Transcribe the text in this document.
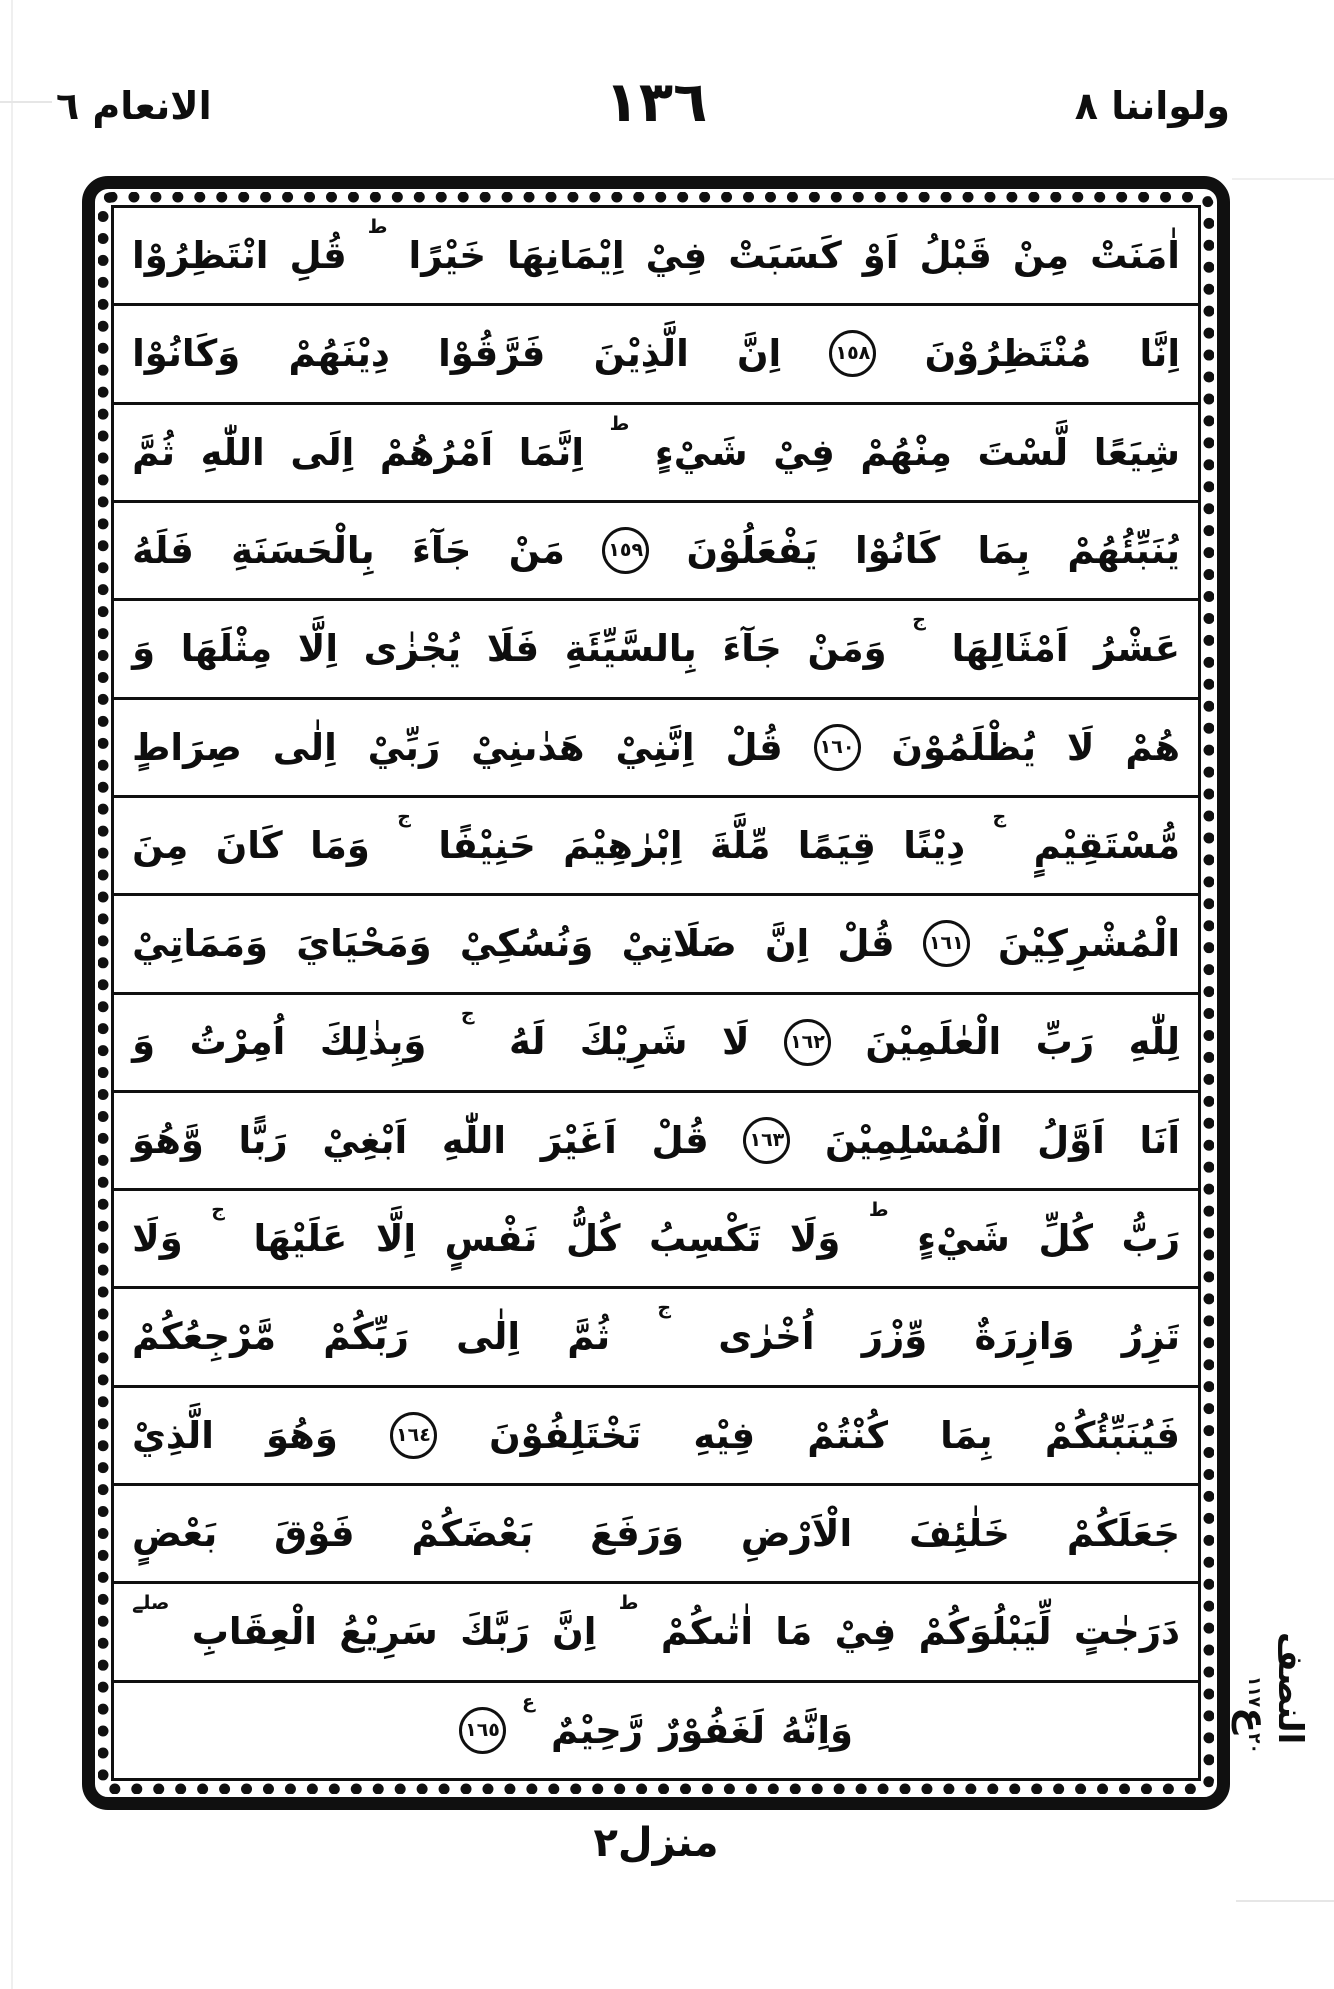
الانعام ٦	١٣٦	ولواننا ٨
اٰمَنَتْ
مِنْ
قَبْلُ
اَوْ
كَسَبَتْ
فِيْ
اِيْمَانِهَا
خَيْرًا
ط
قُلِ
انْتَظِرُوْا
اِنَّا
مُنْتَظِرُوْنَ
١٥٨
اِنَّ
الَّذِيْنَ
فَرَّقُوْا
دِيْنَهُمْ
وَكَانُوْا
شِيَعًا
لَّسْتَ
مِنْهُمْ
فِيْ
شَيْءٍ
ط
اِنَّمَا
اَمْرُهُمْ
اِلَى
اللّٰهِ
ثُمَّ
يُنَبِّئُهُمْ
بِمَا
كَانُوْا
يَفْعَلُوْنَ
١٥٩
مَنْ
جَآءَ
بِالْحَسَنَةِ
فَلَهُ
عَشْرُ
اَمْثَالِهَا
ج
وَمَنْ
جَآءَ
بِالسَّيِّئَةِ
فَلَا
يُجْزٰى
اِلَّا
مِثْلَهَا
وَ
هُمْ
لَا
يُظْلَمُوْنَ
١٦٠
قُلْ
اِنَّنِيْ
هَدٰىنِيْ
رَبِّيْ
اِلٰى
صِرَاطٍ
مُّسْتَقِيْمٍ
ج
دِيْنًا
قِيَمًا
مِّلَّةَ
اِبْرٰهِيْمَ
حَنِيْفًا
ج
وَمَا
كَانَ
مِنَ
الْمُشْرِكِيْنَ
١٦١
قُلْ
اِنَّ
صَلَاتِيْ
وَنُسُكِيْ
وَمَحْيَايَ
وَمَمَاتِيْ
لِلّٰهِ
رَبِّ
الْعٰلَمِيْنَ
١٦٢
لَا
شَرِيْكَ
لَهُ
ج
وَبِذٰلِكَ
اُمِرْتُ
وَ
اَنَا
اَوَّلُ
الْمُسْلِمِيْنَ
١٦٣
قُلْ
اَغَيْرَ
اللّٰهِ
اَبْغِيْ
رَبًّا
وَّهُوَ
رَبُّ
كُلِّ
شَيْءٍ
ط
وَلَا
تَكْسِبُ
كُلُّ
نَفْسٍ
اِلَّا
عَلَيْهَا
ج
وَلَا
تَزِرُ
وَازِرَةٌ
وِّزْرَ
اُخْرٰى
ج
ثُمَّ
اِلٰى
رَبِّكُمْ
مَّرْجِعُكُمْ
فَيُنَبِّئُكُمْ
بِمَا
كُنْتُمْ
فِيْهِ
تَخْتَلِفُوْنَ
١٦٤
وَهُوَ
الَّذِيْ
جَعَلَكُمْ
خَلٰئِفَ
الْاَرْضِ
وَرَفَعَ
بَعْضَكُمْ
فَوْقَ
بَعْضٍ
دَرَجٰتٍ
لِّيَبْلُوَكُمْ
فِيْ
مَا
اٰتٰىكُمْ
ط
اِنَّ
رَبَّكَ
سَرِيْعُ
الْعِقَابِ
صلے
وَاِنَّهُ
لَغَفُوْرٌ
رَّحِيْمٌ
ع
١٦٥	النصف
٢٠ع١١٧
منزل٢
